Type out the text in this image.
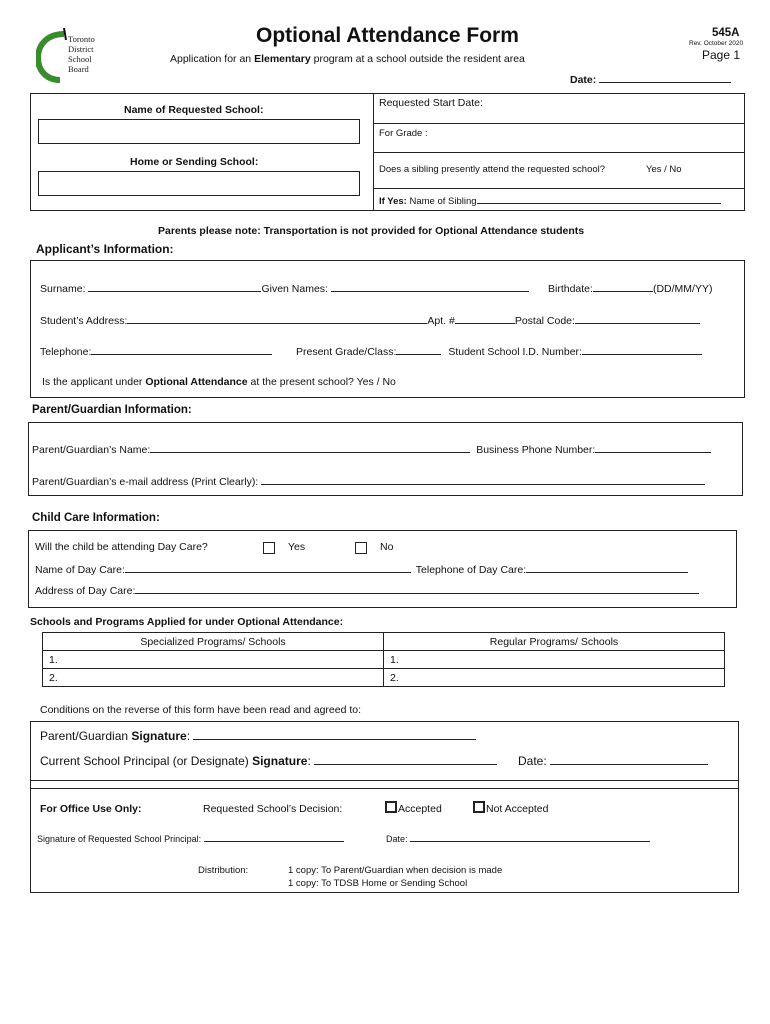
Toronto
District
School
Board
Optional Attendance Form
Application for an Elementary program at a school outside the resident area
545A
Rev. October 2020
Page 1
Date:
Name of Requested School:
Home or Sending School:
Requested Start Date:
For Grade :
Does a sibling presently attend the requested school?	Yes / No
If Yes: Name of Sibling
Parents please note: Transportation is not provided for Optional Attendance students
Applicant’s Information:
Surname:	Given Names:	Birthdate:	(DD/MM/YY)
Student’s Address:	Apt. #	Postal Code:
Telephone:	Present Grade/Class:	Student School I.D. Number:
Is the applicant under Optional Attendance at the present school? Yes / No
Parent/Guardian Information:
Parent/Guardian’s Name:	Business Phone Number:
Parent/Guardian’s e-mail address (Print Clearly):
Child Care Information:
Will the child be attending Day Care?	Yes	No
Name of Day Care:	Telephone of Day Care:
Address of Day Care:
Schools and Programs Applied for under Optional Attendance:
Specialized Programs/ Schools	Regular Programs/ Schools
1.	1.
2.	2.
Conditions on the reverse of this form have been read and agreed to:
Parent/Guardian Signature:
Current School Principal (or Designate) Signature:	Date:
For Office Use Only:	Requested School’s Decision:	Accepted	Not Accepted
Signature of Requested School Principal:	Date:
Distribution:	1 copy: To Parent/Guardian when decision is made
1 copy: To TDSB Home or Sending School
